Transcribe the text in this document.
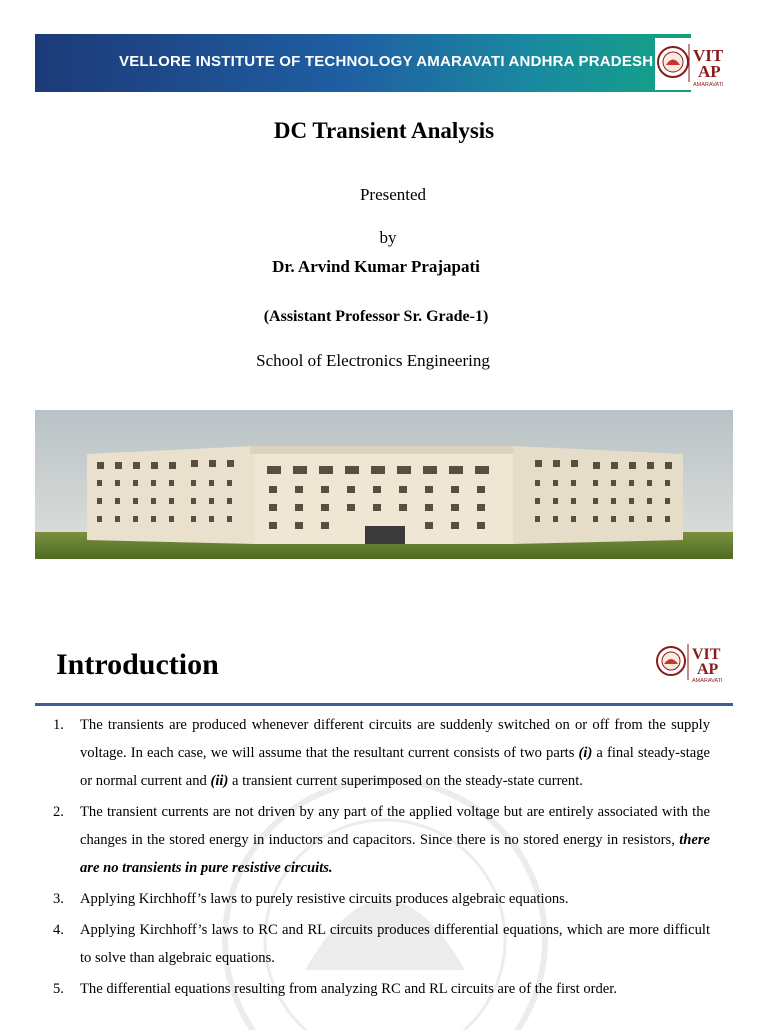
VELLORE INSTITUTE OF TECHNOLOGY AMARAVATI ANDHRA PRADESH	VIT
AP
AMARAVATI
DC Transient Analysis
Presented
by
Dr. Arvind Kumar Prajapati
(Assistant Professor Sr. Grade-1)
School of Electronics Engineering
Introduction	VIT
AP
AMARAVATI
1. The transients are produced whenever different circuits are suddenly switched on or off from the supply voltage. In each case, we will assume that the resultant current consists of two parts (i) a final steady-stage or normal current and (ii) a transient current superimposed on the steady-state current.

2. The transient currents are not driven by any part of the applied voltage but are entirely associated with the changes in the stored energy in inductors and capacitors. Since there is no stored energy in resistors, there are no transients in pure resistive circuits.

3. Applying Kirchhoff’s laws to purely resistive circuits produces algebraic equations.

4. Applying Kirchhoff’s laws to RC and RL circuits produces differential equations, which are more difficult to solve than algebraic equations.

5. The differential equations resulting from analyzing RC and RL circuits are of the first order.
